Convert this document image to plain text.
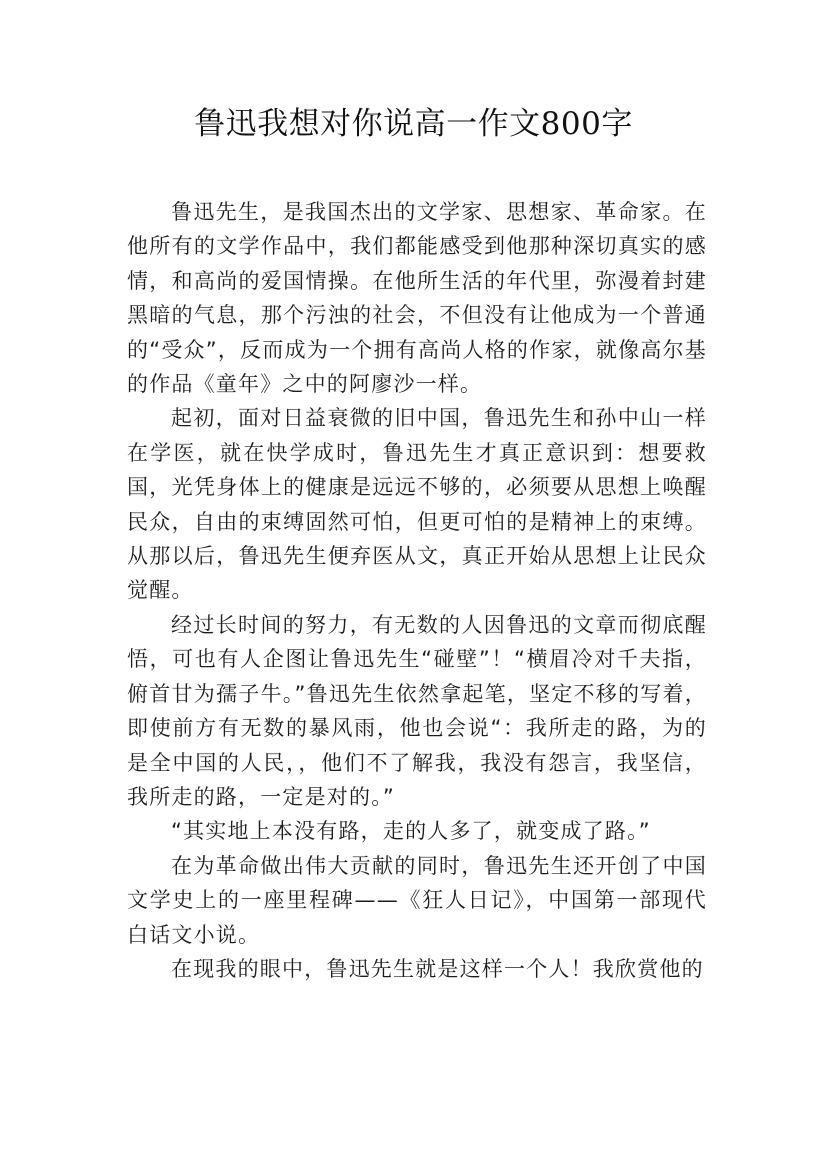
鲁迅我想对你说高一作文800字

鲁迅先生，是我国杰出的文学家、思想家、革命家。在他所有的文学作品中，我们都能感受到他那种深切真实的感情，和高尚的爱国情操。在他所生活的年代里，弥漫着封建黑暗的气息，那个污浊的社会，不但没有让他成为一个普通的“受众”，反而成为一个拥有高尚人格的作家，就像高尔基的作品《童年》之中的阿廖沙一样。

起初，面对日益衰微的旧中国，鲁迅先生和孙中山一样在学医，就在快学成时，鲁迅先生才真正意识到：想要救国，光凭身体上的健康是远远不够的，必须要从思想上唤醒民众，自由的束缚固然可怕，但更可怕的是精神上的束缚。从那以后，鲁迅先生便弃医从文，真正开始从思想上让民众觉醒。

经过长时间的努力，有无数的人因鲁迅的文章而彻底醒悟，可也有人企图让鲁迅先生“碰壁”！“横眉冷对千夫指，俯首甘为孺子牛。”鲁迅先生依然拿起笔，坚定不移的写着，即使前方有无数的暴风雨，他也会说“：我所走的路，为的是全中国的人民，，他们不了解我，我没有怨言，我坚信，我所走的路，一定是对的。”

“其实地上本没有路，走的人多了，就变成了路。”

在为革命做出伟大贡献的同时，鲁迅先生还开创了中国文学史上的一座里程碑——《狂人日记》，中国第一部现代白话文小说。

在现我的眼中，鲁迅先生就是这样一个人！我欣赏他的
